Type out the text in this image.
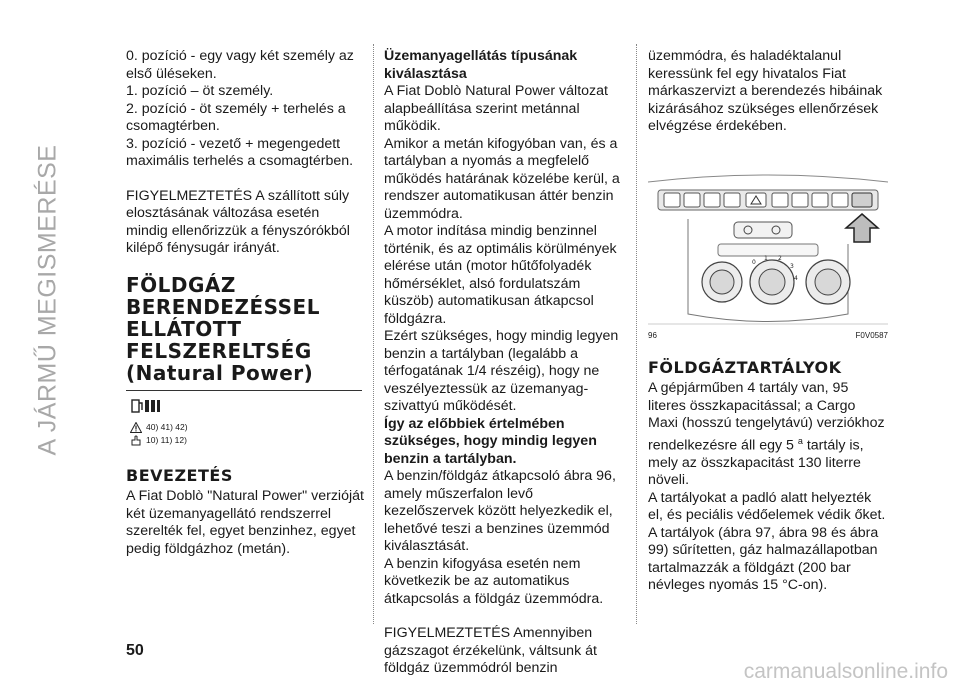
A JÁRMŰ MEGISMERÉSE

0. pozíció - egy vagy két személy az első üléseken.

1. pozíció – öt személy.

2. pozíció - öt személy + terhelés a csomagtérben.

3. pozíció - vezető + megengedett maximális terhelés a csomagtérben.

FIGYELMEZTETÉS A szállított súly elosztásának változása esetén mindig ellenőrizzük a fényszórókból kilépő fénysugár irányát.

FÖLDGÁZ BERENDEZÉSSEL ELLÁTOTT FELSZERELTSÉG (Natural Power)
40) 41) 42)
10) 11) 12)
BEVEZETÉS

A Fiat Doblò "Natural Power" verzióját két üzemanyagellátó rendszerrel szerelték fel, egyet benzinhez, egyet pedig földgázhoz (metán).

Üzemanyagellátás típusának kiválasztása

A Fiat Doblò Natural Power változat alapbeállítása szerint metánnal működik.

Amikor a metán kifogyóban van, és a tartályban a nyomás a megfelelő működés határának közelébe kerül, a rendszer automatikusan áttér benzin üzemmódra.

A motor indítása mindig benzinnel történik, és az optimális körülmények elérése után (motor hűtőfolyadék hőmérséklet, alsó fordulatszám küszöb) automatikusan átkapcsol földgázra.

Ezért szükséges, hogy mindig legyen benzin a tartályban (legalább a térfogatának 1/4 részéig), hogy ne veszélyeztessük az üzemanyag-szivattyú működését.

Így az előbbiek értelmében szükséges, hogy mindig legyen benzin a tartályban.

A benzin/földgáz átkapcsoló ábra 96, amely műszerfalon levő kezelőszervek között helyezkedik el, lehetővé teszi a benzines üzemmód kiválasztását.

A benzin kifogyása esetén nem következik be az automatikus átkapcsolás a földgáz üzemmódra.

FIGYELMEZTETÉS Amennyiben gázszagot érzékelünk, váltsunk át földgáz üzemmódról benzin

üzemmódra, és haladéktalanul keressünk fel egy hivatalos Fiat márkaszervizt a berendezés hibáinak kizárásához szükséges ellenőrzések elvégzése érdekében.

0
1 2
3
4
96	F0V0587
FÖLDGÁZTARTÁLYOK

A gépjárműben 4 tartály van, 95 literes összkapacitással; a Cargo Maxi (hosszú tengelytávú) verziókhoz rendelkezésre áll egy 5 $^a$ tartály is, mely az összkapacitást 130 literre növeli.

A tartályokat a padló alatt helyezték el, és peciális védőelemek védik őket.

A tartályok (ábra 97, ábra 98 és ábra 99) sűrítetten, gáz halmazállapotban tartalmazzák a földgázt (200 bar névleges nyomás 15 °C-on).

50
carmanualsonline.info
